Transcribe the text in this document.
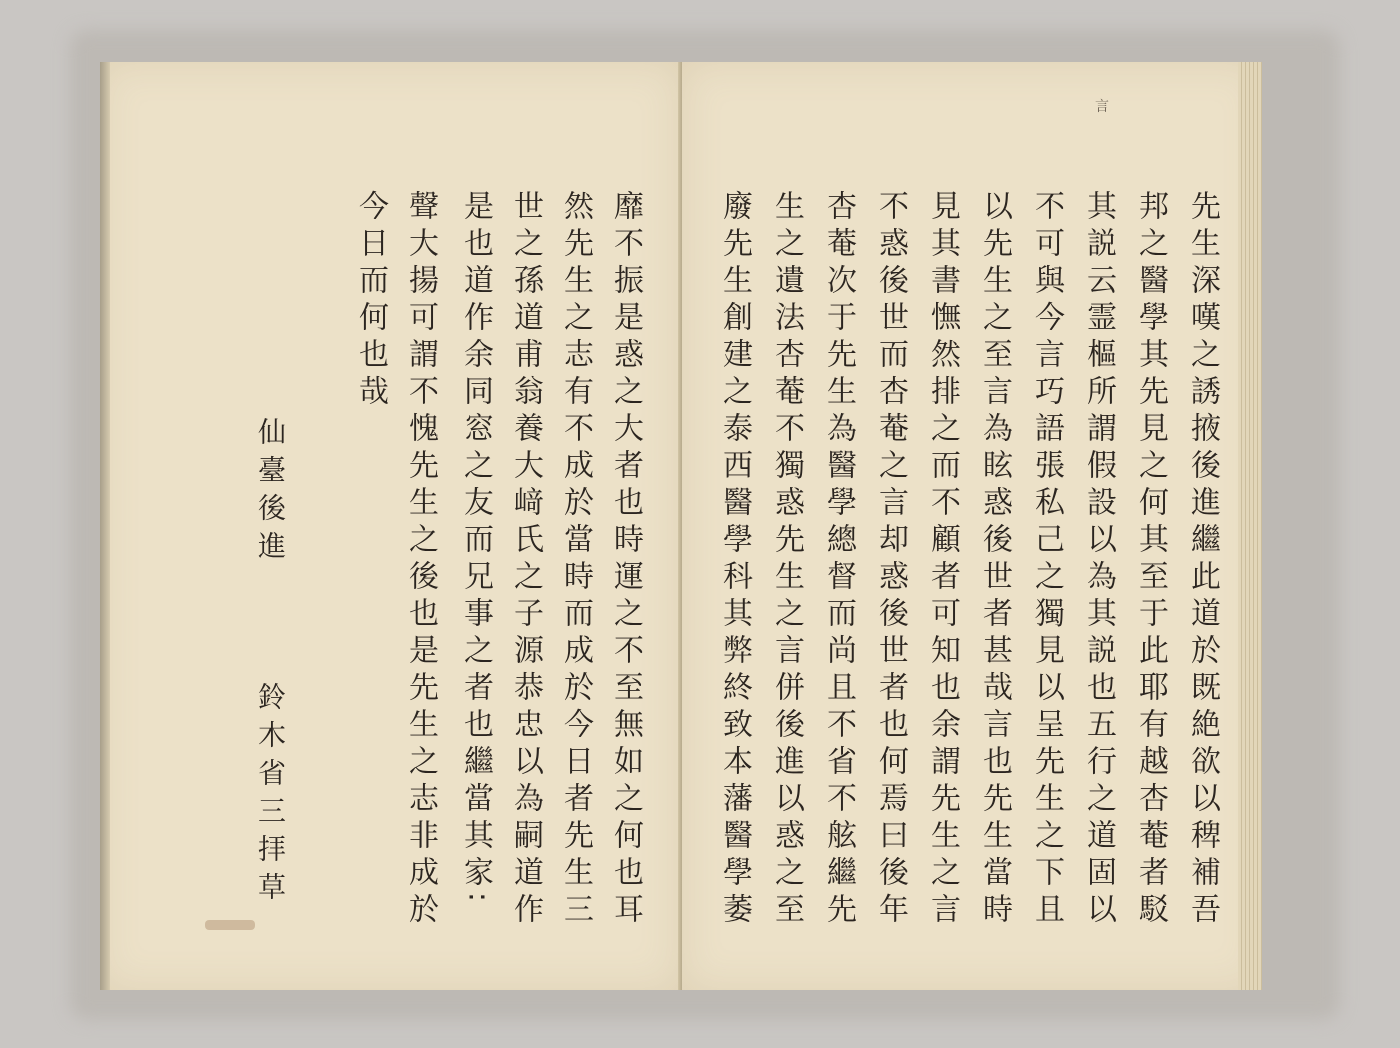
靡不振是惑之大者也時運之不至無如之何也耳
然先生之志有不成於當時而成於今日者先生三
世之孫道甫翁養大﨑氏之子源恭忠以為嗣道作
是也道作余同窓之友而兄事之者也繼當其家∶
聲大揚可謂不愧先生之後也是先生之志非成於
今日而何也哉
仙臺後進
鈴木省三拝草	先生深嘆之誘掖後進繼此道於既絶欲以稗補吾
邦之醫學其先見之何其至于此耶有越杏菴者駁
其説云霊樞所謂假設以為其説也五行之道固以
不可與今言巧語張私己之獨見以呈先生之下且
以先生之至言為眩惑後世者甚哉言也先生當時
見其書憮然排之而不顧者可知也余謂先生之言
不惑後世而杏菴之言却惑後世者也何焉曰後年
杏菴次于先生為醫學總督而尚且不省不舷繼先
生之遺法杏菴不獨惑先生之言併後進以惑之至
廢先生創建之泰西醫學科其弊終致本藩醫學萎
言
